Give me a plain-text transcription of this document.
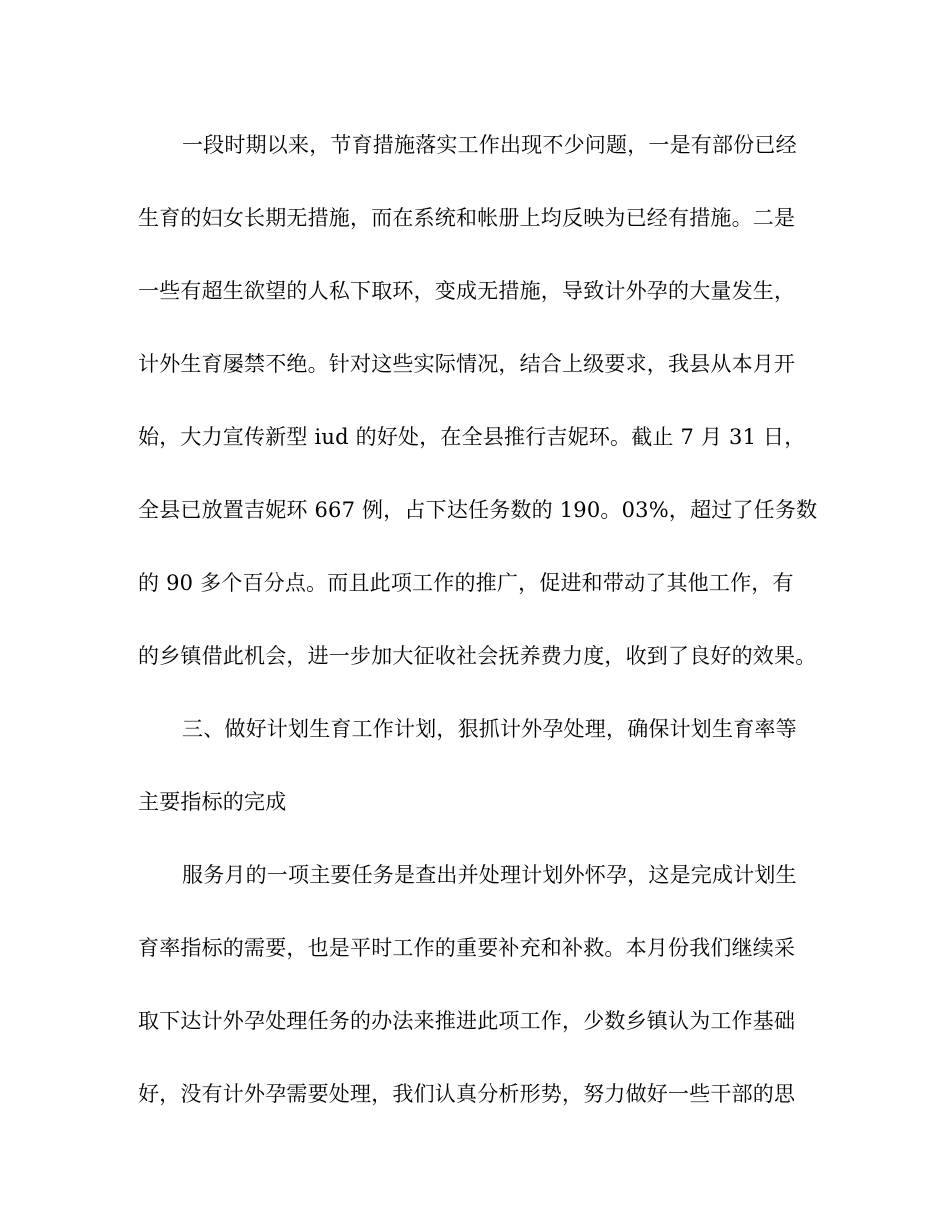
一段时期以来，节育措施落实工作出现不少问题，一是有部份已经
生育的妇女长期无措施，而在系统和帐册上均反映为已经有措施。二是
一些有超生欲望的人私下取环，变成无措施，导致计外孕的大量发生，
计外生育屡禁不绝。针对这些实际情况，结合上级要求，我县从本月开
始，大力宣传新型 iud 的好处，在全县推行吉妮环。截止 7 月 31 日，
全县已放置吉妮环 667 例，占下达任务数的 190。03%，超过了任务数
的 90 多个百分点。而且此项工作的推广，促进和带动了其他工作，有
的乡镇借此机会，进一步加大征收社会抚养费力度，收到了良好的效果。
三、做好计划生育工作计划，狠抓计外孕处理，确保计划生育率等
主要指标的完成
服务月的一项主要任务是查出并处理计划外怀孕，这是完成计划生
育率指标的需要，也是平时工作的重要补充和补救。本月份我们继续采
取下达计外孕处理任务的办法来推进此项工作，少数乡镇认为工作基础
好，没有计外孕需要处理，我们认真分析形势，努力做好一些干部的思
